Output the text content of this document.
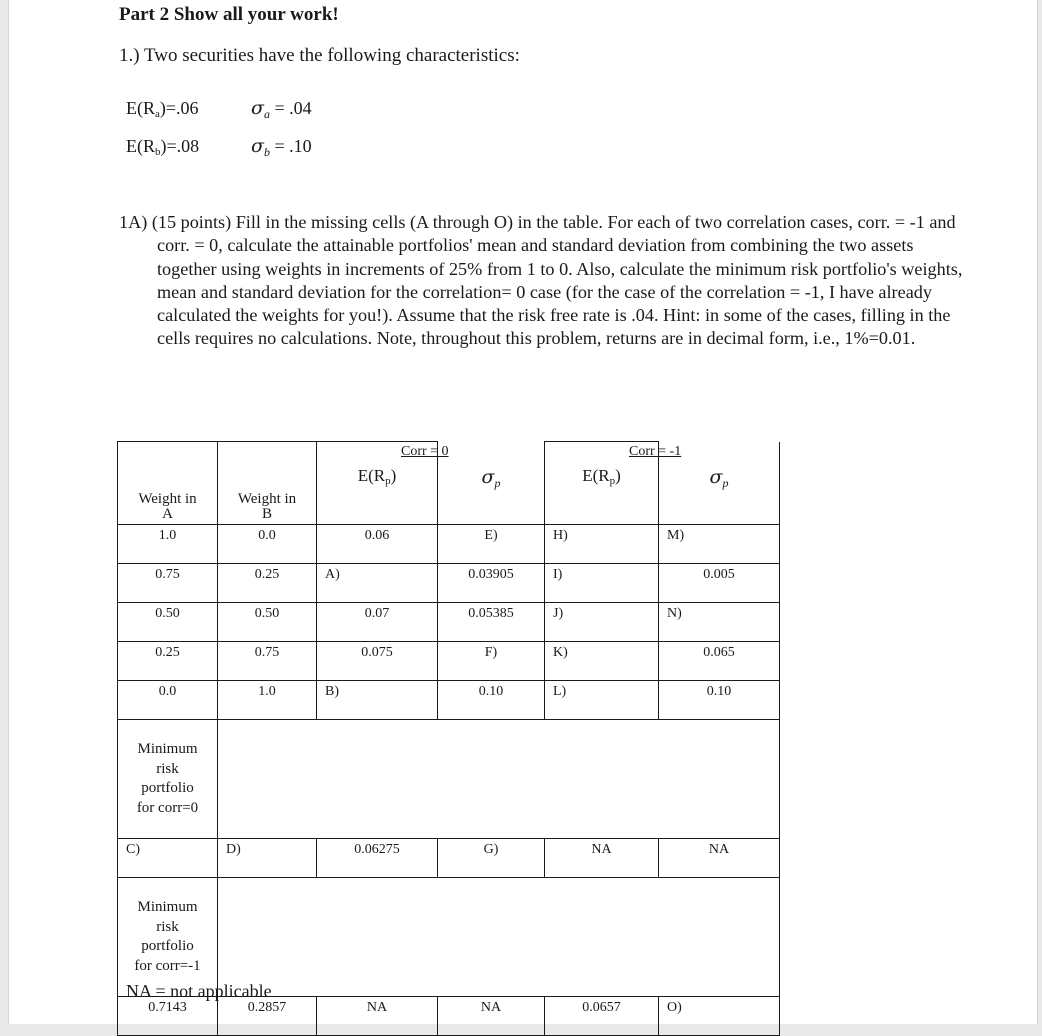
Part 2 Show all your work!
1.) Two securities have the following characteristics:
$E(R_a)=.06$	$\sigma_a = .04$
$E(R_b)=.08$	$\sigma_b = .10$
1A) (15 points) Fill in the missing cells (A through O) in the table. For each of two correlation cases, corr. = -1 and corr. = 0, calculate the attainable portfolios' mean and standard deviation from combining the two assets together using weights in increments of 25% from 1 to 0. Also, calculate the minimum risk portfolio's weights, mean and standard deviation for the correlation= 0 case (for the case of the correlation = -1, I have already calculated the weights for you!). Assume that the risk free rate is .04. Hint: in some of the cases, filling in the cells requires no calculations. Note, throughout this problem, returns are in decimal form, i.e., 1%=0.01.
Corr = 0	Corr = -1
Weight in
A	Weight in
B	$E(R_p)$	$\sigma_p$	$E(R_p)$	$\sigma_p$

1.0	0.0	0.06	E)	H)	M)

0.75	0.25	A)	0.03905	I)	0.005

0.50	0.50	0.07	0.05385	J)	N)

0.25	0.75	0.075	F)	K)	0.065

0.0	1.0	B)	0.10	L)	0.10

Minimum
risk
portfolio
for corr=0					

C)	D)	0.06275	G)	NA	NA

Minimum
risk
portfolio
for corr=-1					

0.7143	0.2857	NA	NA	0.0657	O)
NA = not applicable
